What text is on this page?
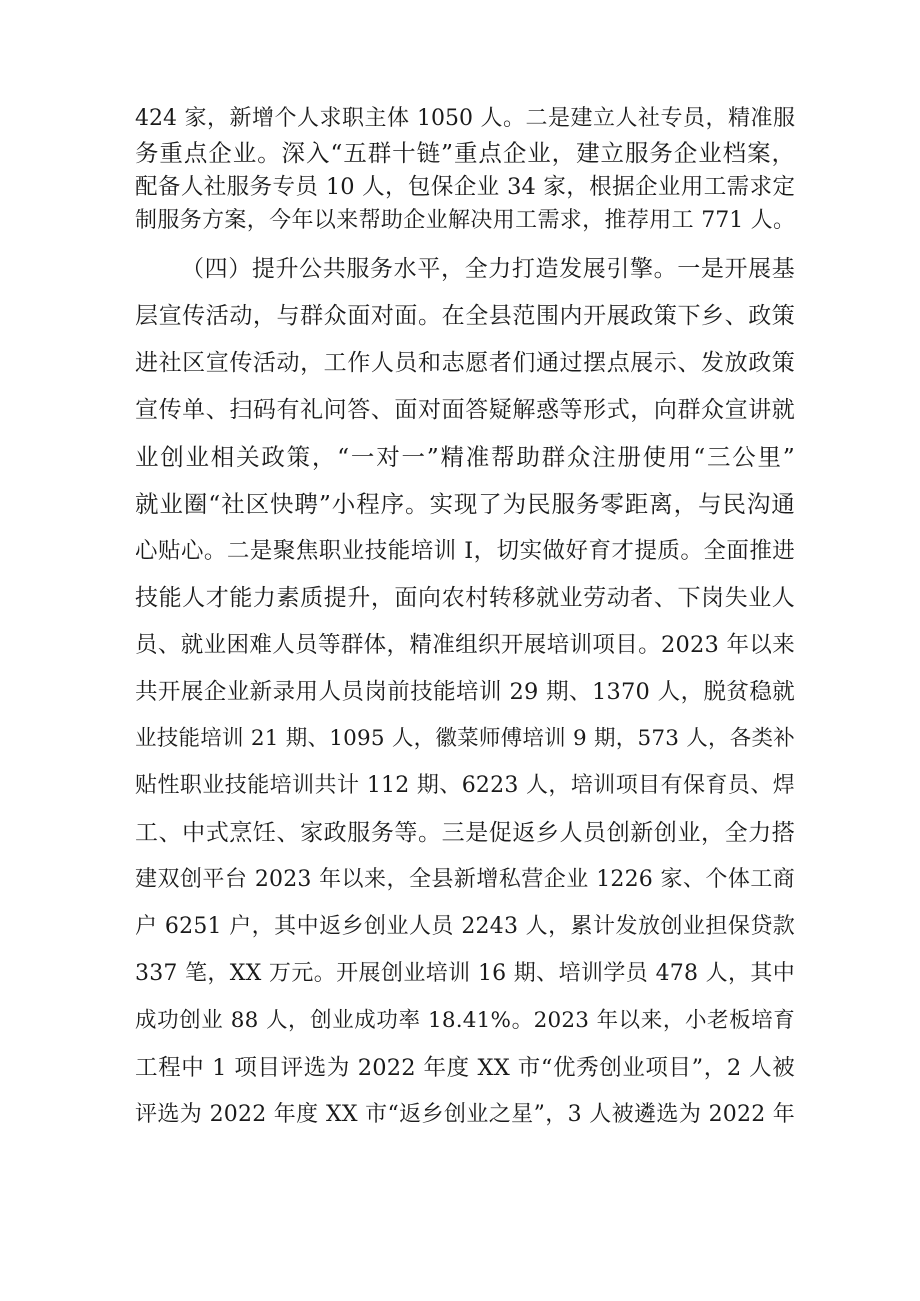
424 家，新增个人求职主体 1050 人。二是建立人社专员，精准服
务重点企业。深入“五群十链”重点企业，建立服务企业档案，
配备人社服务专员 10 人，包保企业 34 家，根据企业用工需求定
制服务方案，今年以来帮助企业解决用工需求，推荐用工 771 人。
（四）提升公共服务水平，全力打造发展引擎。一是开展基
层宣传活动，与群众面对面。在全县范围内开展政策下乡、政策
进社区宣传活动，工作人员和志愿者们通过摆点展示、发放政策
宣传单、扫码有礼问答、面对面答疑解惑等形式，向群众宣讲就
业创业相关政策，“一对一”精准帮助群众注册使用“三公里”
就业圈“社区快聘”小程序。实现了为民服务零距离，与民沟通
心贴心。二是聚焦职业技能培训 I，切实做好育才提质。全面推进
技能人才能力素质提升，面向农村转移就业劳动者、下岗失业人
员、就业困难人员等群体，精准组织开展培训项目。2023 年以来
共开展企业新录用人员岗前技能培训 29 期、1370 人，脱贫稳就
业技能培训 21 期、1095 人，徽菜师傅培训 9 期，573 人，各类补
贴性职业技能培训共计 112 期、6223 人，培训项目有保育员、焊
工、中式烹饪、家政服务等。三是促返乡人员创新创业，全力搭
建双创平台 2023 年以来，全县新增私营企业 1226 家、个体工商
户 6251 户，其中返乡创业人员 2243 人，累计发放创业担保贷款
337 笔，XX 万元。开展创业培训 16 期、培训学员 478 人，其中
成功创业 88 人，创业成功率 18.41%。2023 年以来，小老板培育
工程中 1 项目评选为 2022 年度 XX 市“优秀创业项目”，2 人被
评选为 2022 年度 XX 市“返乡创业之星”，3 人被遴选为 2022 年
